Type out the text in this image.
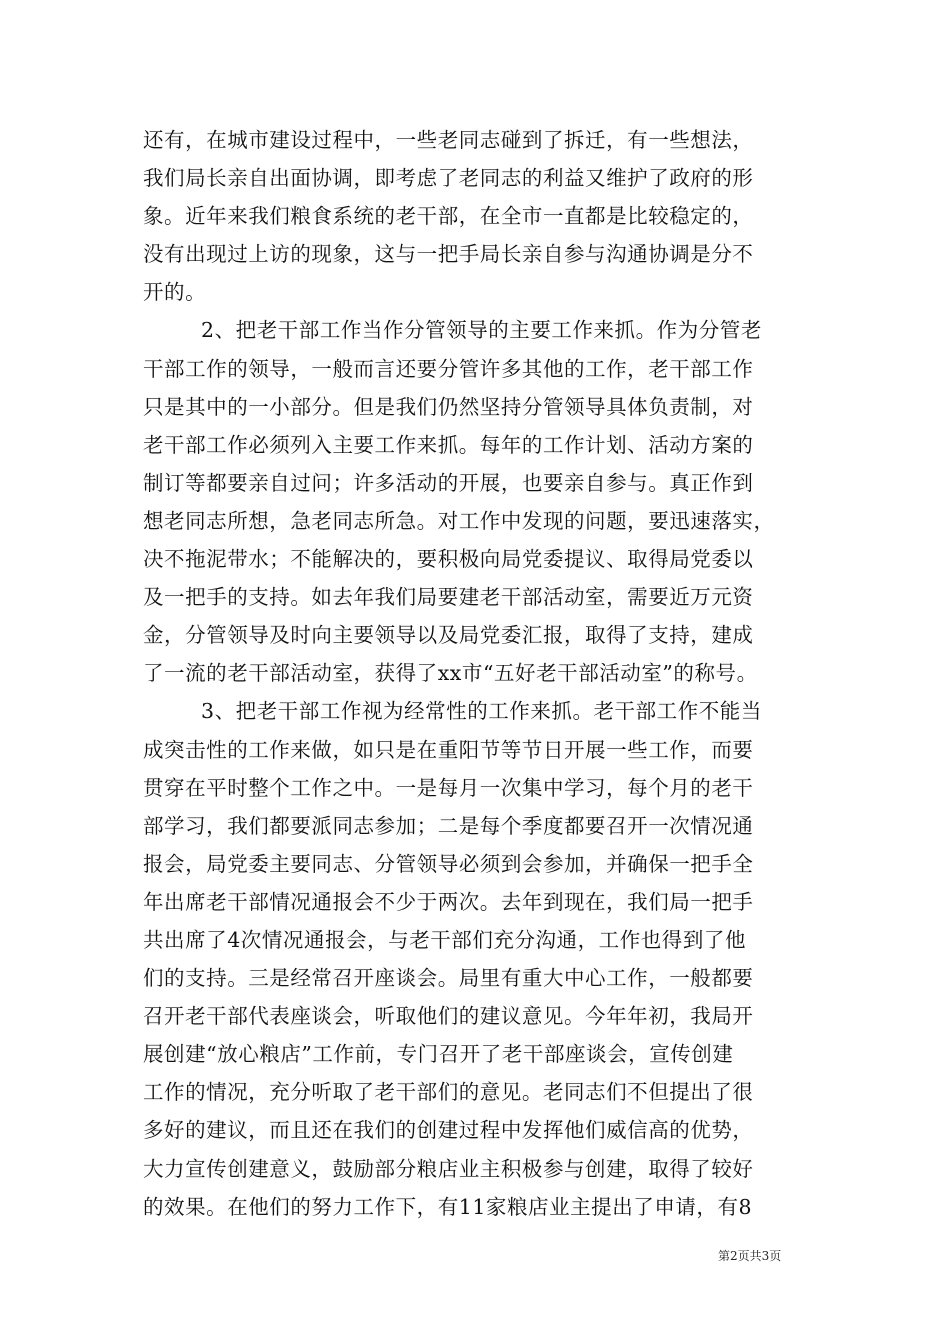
还有，在城市建设过程中，一些老同志碰到了拆迁，有一些想法，
我们局长亲自出面协调，即考虑了老同志的利益又维护了政府的形
象。近年来我们粮食系统的老干部，在全市一直都是比较稳定的，
没有出现过上访的现象，这与一把手局长亲自参与沟通协调是分不
开的。
2、把老干部工作当作分管领导的主要工作来抓。作为分管老
干部工作的领导，一般而言还要分管许多其他的工作，老干部工作
只是其中的一小部分。但是我们仍然坚持分管领导具体负责制，对
老干部工作必须列入主要工作来抓。每年的工作计划、活动方案的
制订等都要亲自过问；许多活动的开展，也要亲自参与。真正作到
想老同志所想，急老同志所急。对工作中发现的问题，要迅速落实，
决不拖泥带水；不能解决的，要积极向局党委提议、取得局党委以
及一把手的支持。如去年我们局要建老干部活动室，需要近万元资
金，分管领导及时向主要领导以及局党委汇报，取得了支持，建成
了一流的老干部活动室，获得了xx市“五好老干部活动室”的称号。
3、把老干部工作视为经常性的工作来抓。老干部工作不能当
成突击性的工作来做，如只是在重阳节等节日开展一些工作，而要
贯穿在平时整个工作之中。一是每月一次集中学习，每个月的老干
部学习，我们都要派同志参加；二是每个季度都要召开一次情况通
报会，局党委主要同志、分管领导必须到会参加，并确保一把手全
年出席老干部情况通报会不少于两次。去年到现在，我们局一把手
共出席了4次情况通报会，与老干部们充分沟通，工作也得到了他
们的支持。三是经常召开座谈会。局里有重大中心工作，一般都要
召开老干部代表座谈会，听取他们的建议意见。今年年初，我局开
展创建“放心粮店”工作前，专门召开了老干部座谈会，宣传创建
工作的情况，充分听取了老干部们的意见。老同志们不但提出了很
多好的建议，而且还在我们的创建过程中发挥他们威信高的优势，
大力宣传创建意义，鼓励部分粮店业主积极参与创建，取得了较好
的效果。在他们的努力工作下，有11家粮店业主提出了申请，有8
第2页共3页
